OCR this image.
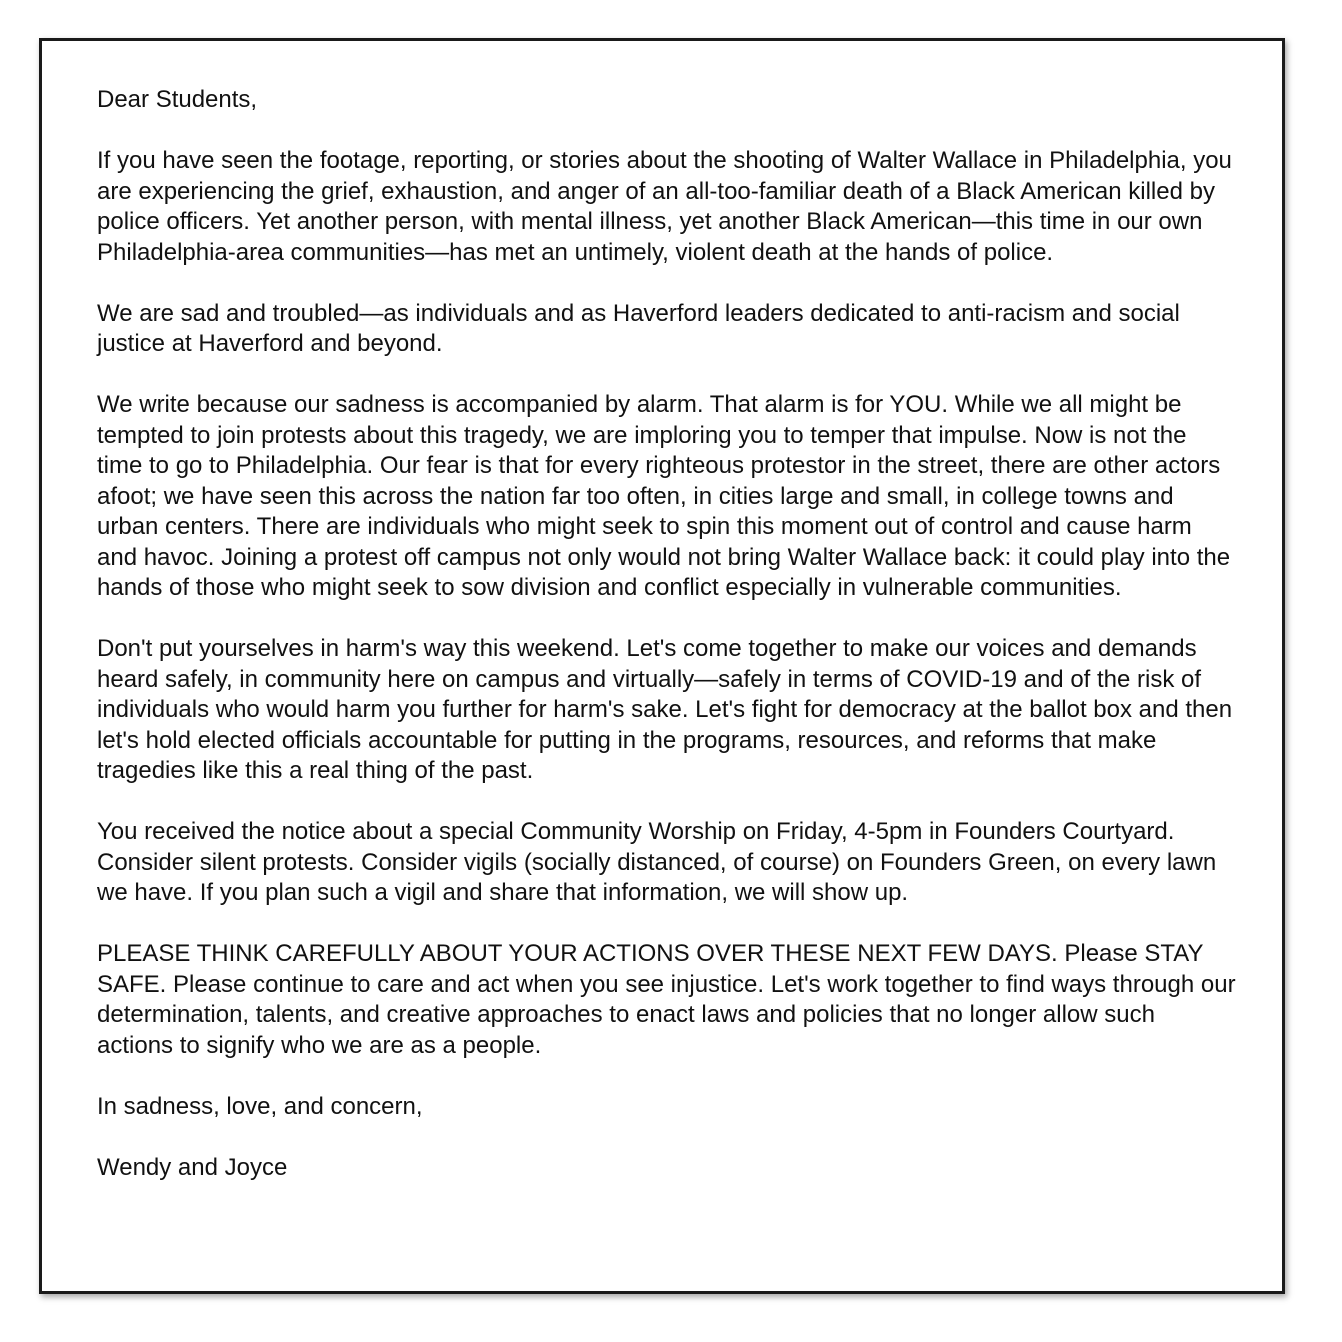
Dear Students,

If you have seen the footage, reporting, or stories about the shooting of Walter Wallace in Philadelphia, you are experiencing the grief, exhaustion, and anger of an all-too-familiar death of a Black American killed by police officers. Yet another person, with mental illness, yet another Black American—this time in our own Philadelphia-area communities—has met an untimely, violent death at the hands of police.

We are sad and troubled—as individuals and as Haverford leaders dedicated to anti-racism and social justice at Haverford and beyond.

We write because our sadness is accompanied by alarm. That alarm is for YOU. While we all might be tempted to join protests about this tragedy, we are imploring you to temper that impulse. Now is not the time to go to Philadelphia. Our fear is that for every righteous protestor in the street, there are other actors afoot; we have seen this across the nation far too often, in cities large and small, in college towns and urban centers. There are individuals who might seek to spin this moment out of control and cause harm and havoc. Joining a protest off campus not only would not bring Walter Wallace back: it could play into the hands of those who might seek to sow division and conflict especially in vulnerable communities.

Don't put yourselves in harm's way this weekend. Let's come together to make our voices and demands heard safely, in community here on campus and virtually—safely in terms of COVID-19 and of the risk of individuals who would harm you further for harm's sake. Let's fight for democracy at the ballot box and then let's hold elected officials accountable for putting in the programs, resources, and reforms that make tragedies like this a real thing of the past.

You received the notice about a special Community Worship on Friday, 4-5pm in Founders Courtyard. Consider silent protests. Consider vigils (socially distanced, of course) on Founders Green, on every lawn we have. If you plan such a vigil and share that information, we will show up.

PLEASE THINK CAREFULLY ABOUT YOUR ACTIONS OVER THESE NEXT FEW DAYS. Please STAY SAFE. Please continue to care and act when you see injustice. Let's work together to find ways through our determination, talents, and creative approaches to enact laws and policies that no longer allow such actions to signify who we are as a people.

In sadness, love, and concern,

Wendy and Joyce
